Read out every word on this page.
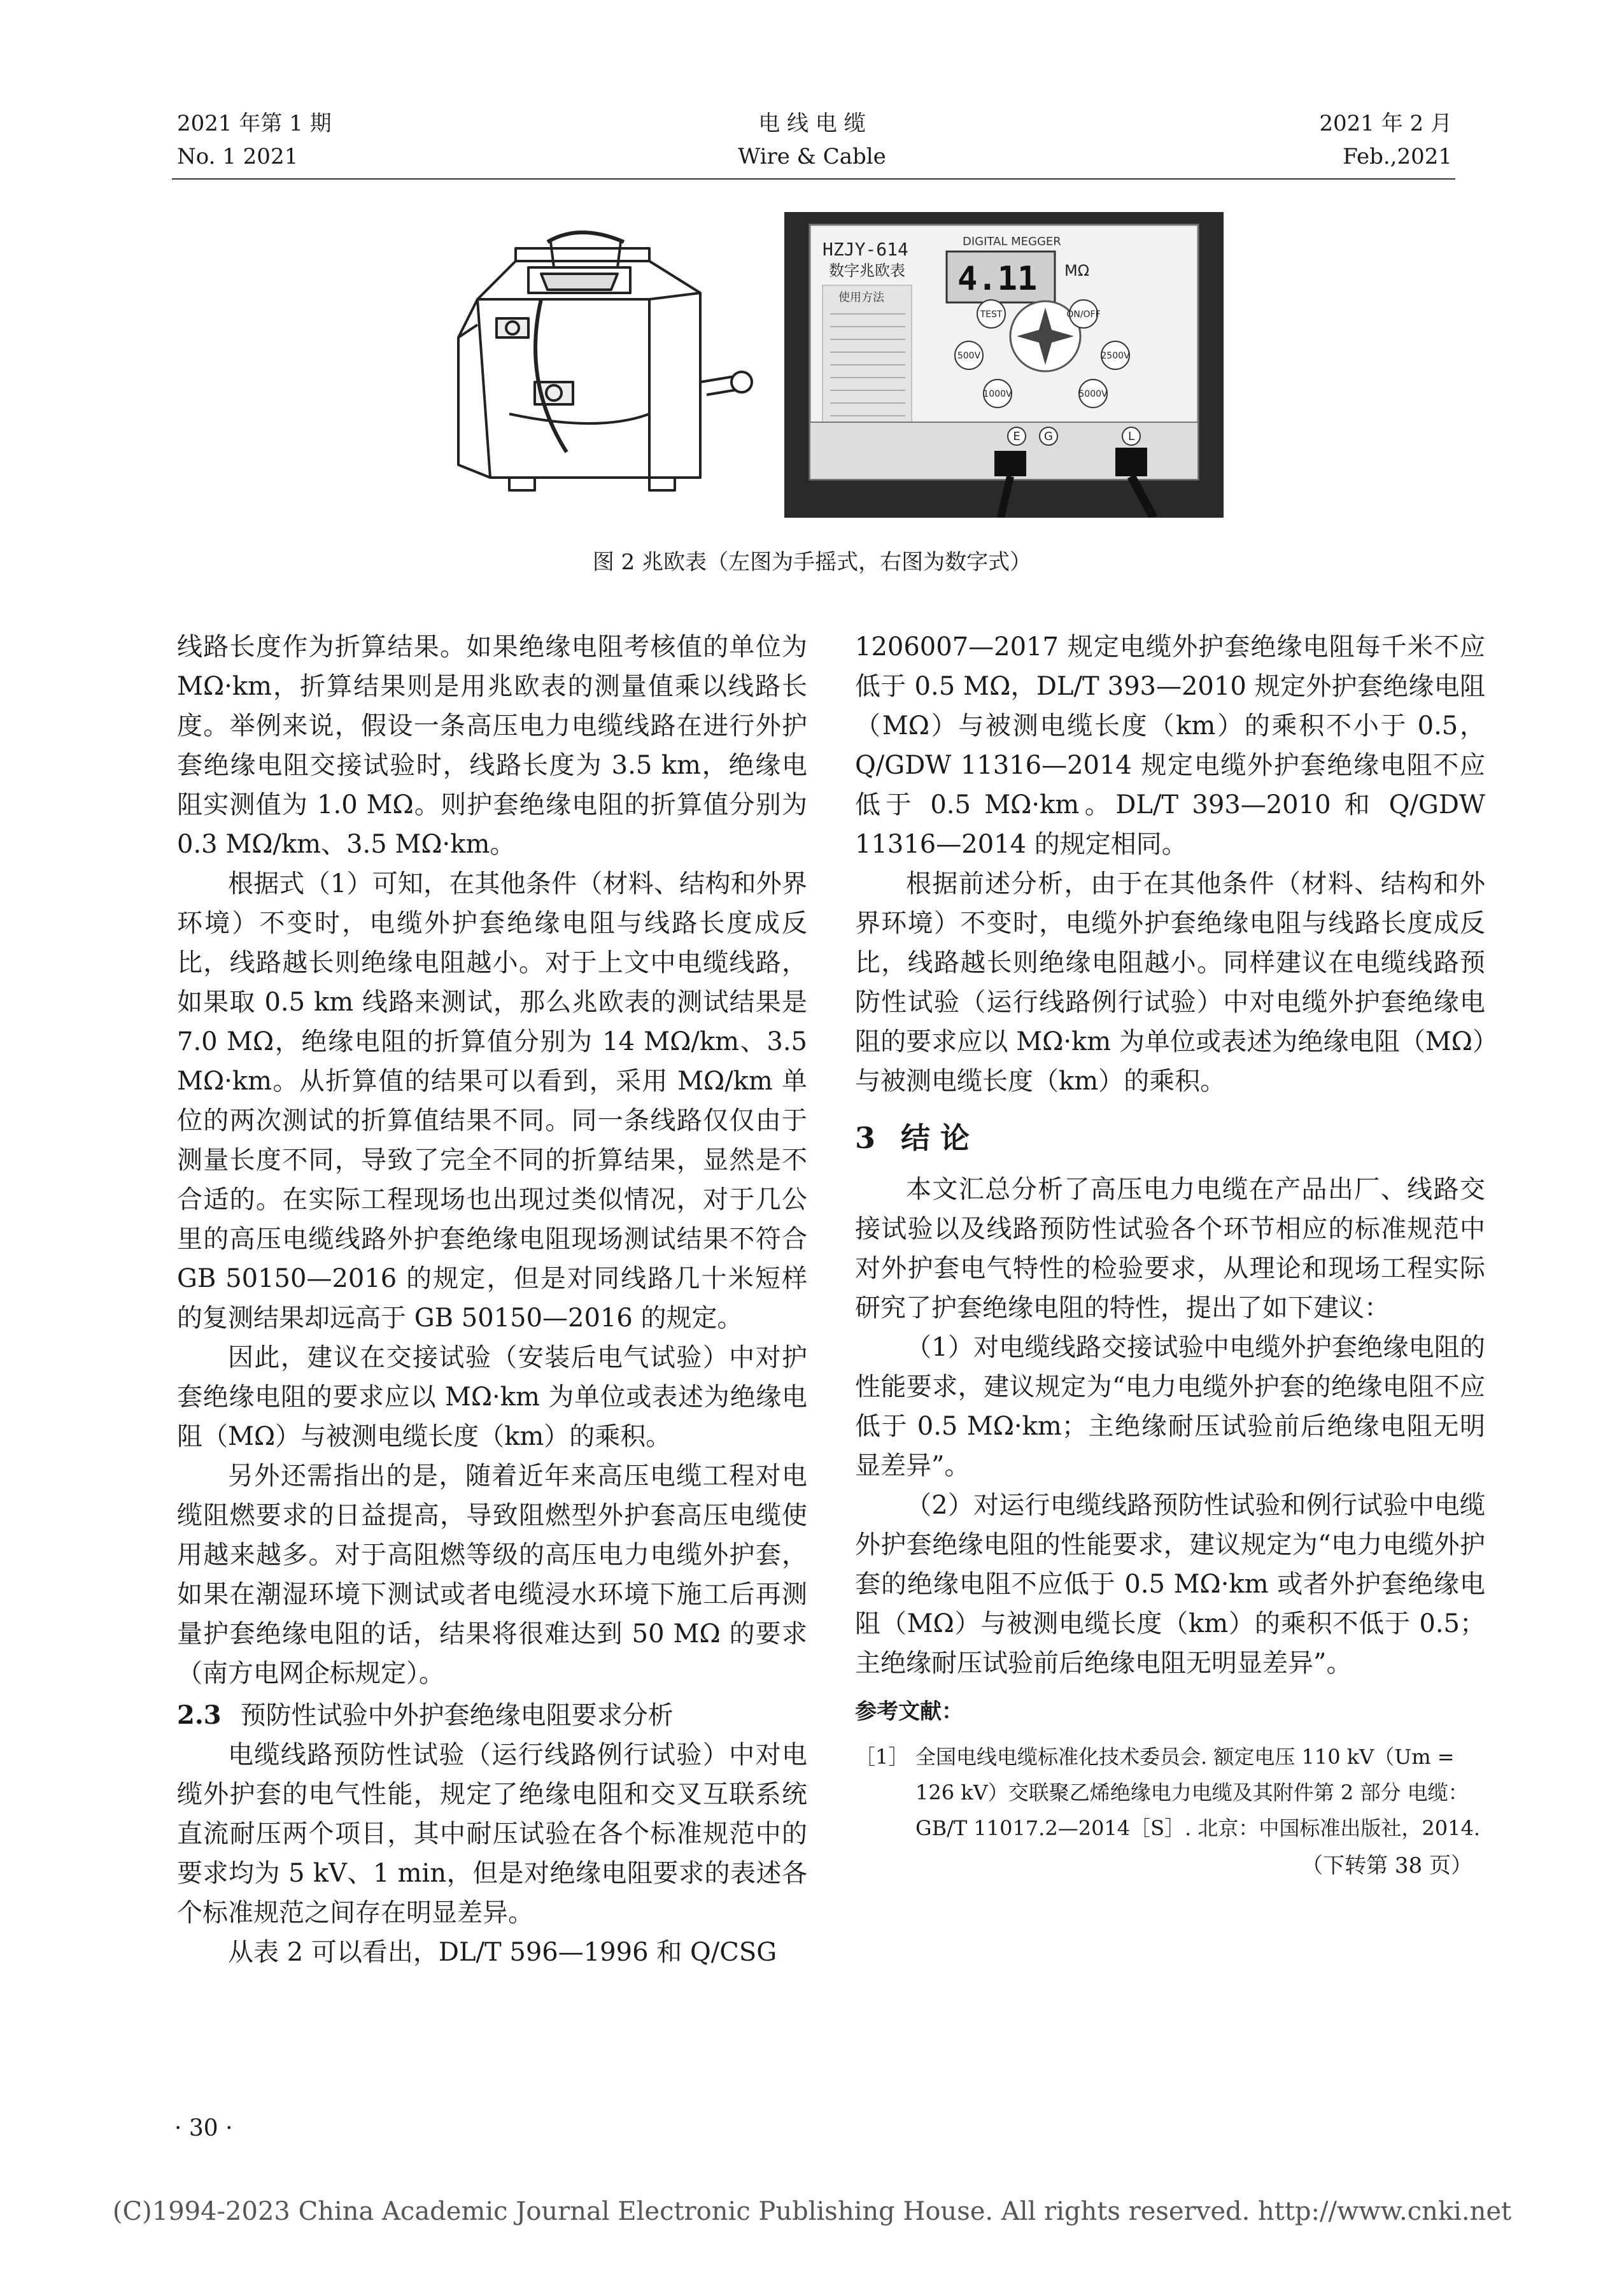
2021 年第 1 期
No. 1 2021
电 线 电 缆
Wire & Cable
2021 年 2 月
Feb.,2021
HZJY-614
数字兆欧表
使用方法
DIGITAL MEGGER
4.11 MΩ
TEST	ON/OFF
500V	2500V
1000V	5000V
E G	L
图 2 兆欧表（左图为手摇式，右图为数字式）

线路长度作为折算结果。如果绝缘电阻考核值的单位为 MΩ·km，折算结果则是用兆欧表的测量值乘以线路长度。举例来说，假设一条高压电力电缆线路在进行外护套绝缘电阻交接试验时，线路长度为 3.5 km，绝缘电阻实测值为 1.0 MΩ。则护套绝缘电阻的折算值分别为 0.3 MΩ/km、3.5 MΩ·km。

根据式（1）可知，在其他条件（材料、结构和外界环境）不变时，电缆外护套绝缘电阻与线路长度成反比，线路越长则绝缘电阻越小。对于上文中电缆线路，如果取 0.5 km 线路来测试，那么兆欧表的测试结果是 7.0 MΩ，绝缘电阻的折算值分别为 14 MΩ/km、3.5 MΩ·km。从折算值的结果可以看到，采用 MΩ/km 单位的两次测试的折算值结果不同。同一条线路仅仅由于测量长度不同，导致了完全不同的折算结果，显然是不合适的。在实际工程现场也出现过类似情况，对于几公里的高压电缆线路外护套绝缘电阻现场测试结果不符合 GB 50150—2016 的规定，但是对同线路几十米短样的复测结果却远高于 GB 50150—2016 的规定。

因此，建议在交接试验（安装后电气试验）中对护套绝缘电阻的要求应以 MΩ·km 为单位或表述为绝缘电阻（MΩ）与被测电缆长度（km）的乘积。

另外还需指出的是，随着近年来高压电缆工程对电缆阻燃要求的日益提高，导致阻燃型外护套高压电缆使用越来越多。对于高阻燃等级的高压电力电缆外护套，如果在潮湿环境下测试或者电缆浸水环境下施工后再测量护套绝缘电阻的话，结果将很难达到 50 MΩ 的要求（南方电网企标规定）。

2.3 预防性试验中外护套绝缘电阻要求分析

电缆线路预防性试验（运行线路例行试验）中对电缆外护套的电气性能，规定了绝缘电阻和交叉互联系统直流耐压两个项目，其中耐压试验在各个标准规范中的要求均为 5 kV、1 min，但是对绝缘电阻要求的表述各个标准规范之间存在明显差异。

从表 2 可以看出，DL/T 596—1996 和 Q/CSG

1206007—2017 规定电缆外护套绝缘电阻每千米不应低于 0.5 MΩ，DL/T 393—2010 规定外护套绝缘电阻（MΩ）与被测电缆长度（km）的乘积不小于 0.5，Q/GDW 11316—2014 规定电缆外护套绝缘电阻不应低于 0.5 MΩ·km。DL/T 393—2010 和 Q/GDW 11316—2014 的规定相同。

根据前述分析，由于在其他条件（材料、结构和外界环境）不变时，电缆外护套绝缘电阻与线路长度成反比，线路越长则绝缘电阻越小。同样建议在电缆线路预防性试验（运行线路例行试验）中对电缆外护套绝缘电阻的要求应以 MΩ·km 为单位或表述为绝缘电阻（MΩ）与被测电缆长度（km）的乘积。

3 结 论

本文汇总分析了高压电力电缆在产品出厂、线路交接试验以及线路预防性试验各个环节相应的标准规范中对外护套电气特性的检验要求，从理论和现场工程实际研究了护套绝缘电阻的特性，提出了如下建议：

（1）对电缆线路交接试验中电缆外护套绝缘电阻的性能要求，建议规定为“电力电缆外护套的绝缘电阻不应低于 0.5 MΩ·km；主绝缘耐压试验前后绝缘电阻无明显差异”。

（2）对运行电缆线路预防性试验和例行试验中电缆外护套绝缘电阻的性能要求，建议规定为“电力电缆外护套的绝缘电阻不应低于 0.5 MΩ·km 或者外护套绝缘电阻（MΩ）与被测电缆长度（km）的乘积不低于 0.5；主绝缘耐压试验前后绝缘电阻无明显差异”。

参考文献：
［1］ 全国电线电缆标准化技术委员会. 额定电压 110 kV（Um = 126 kV）交联聚乙烯绝缘电力电缆及其附件第 2 部分 电缆：GB/T 11017.2—2014［S］. 北京：中国标准出版社，2014.
（下转第 38 页）
· 30 ·
(C)1994-2023 China Academic Journal Electronic Publishing House. All rights reserved. http://www.cnki.net
